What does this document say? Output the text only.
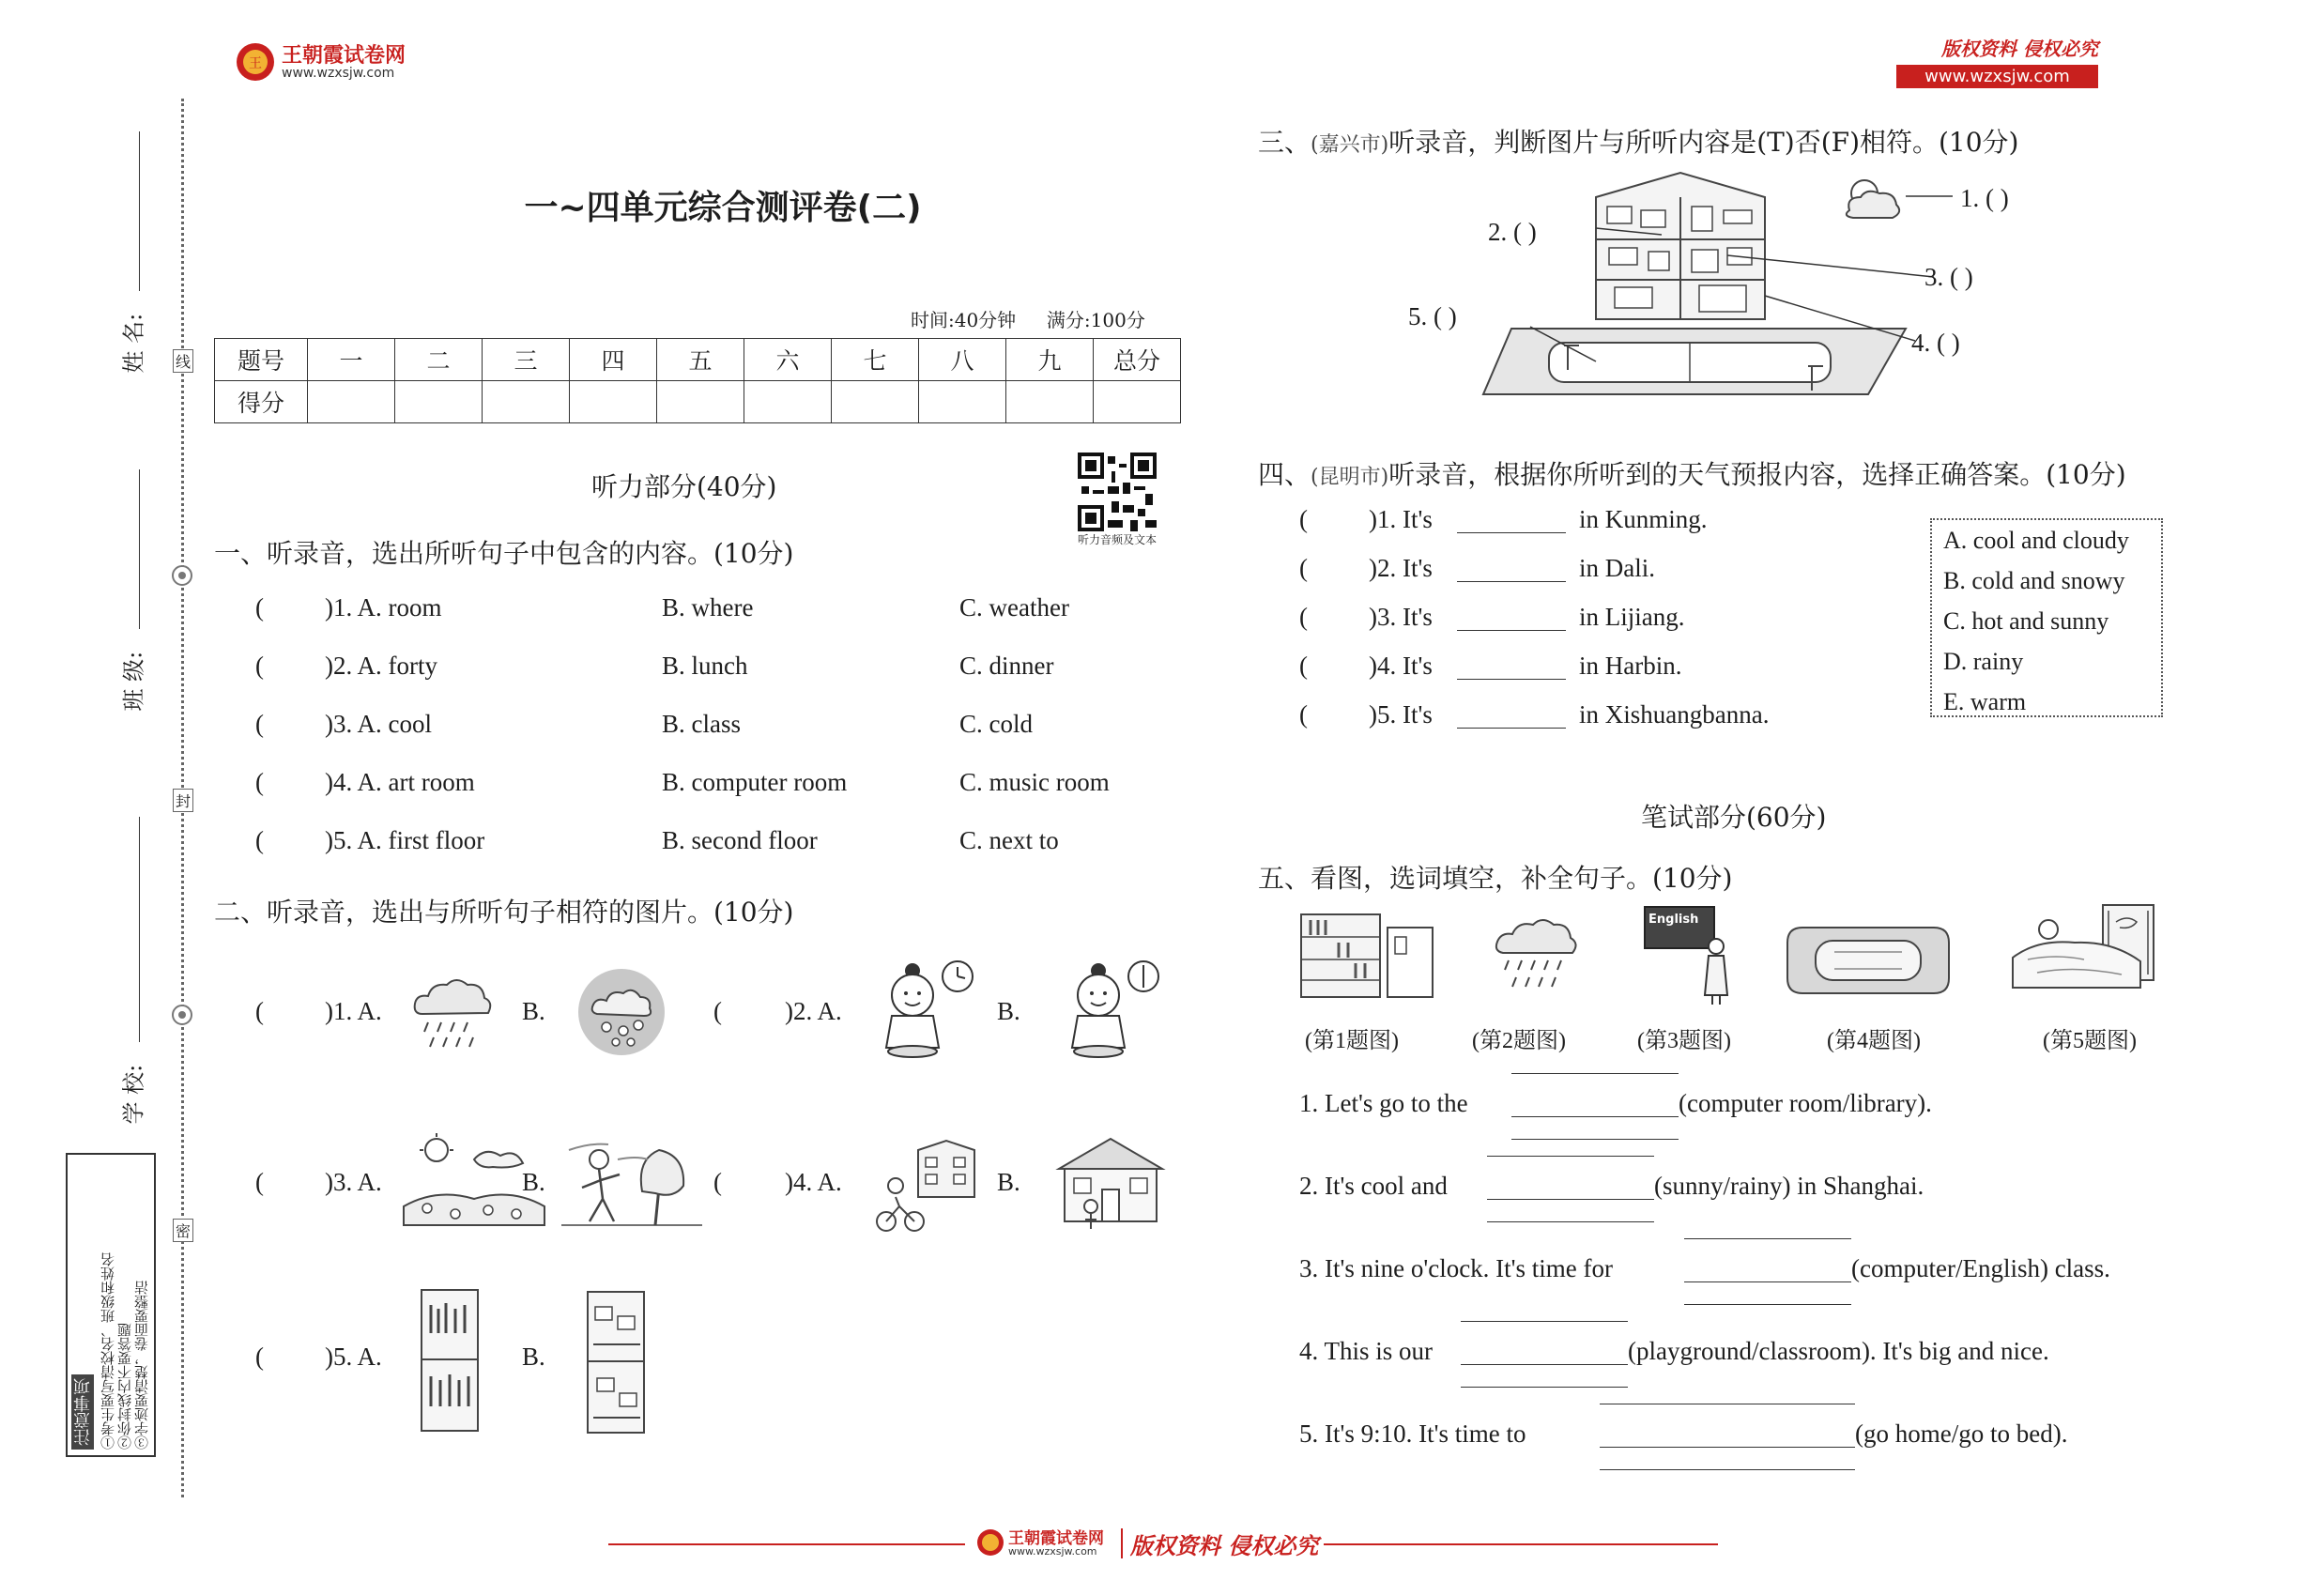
王 王朝霞试卷网
www.wzxsjw.com
版权资料 侵权必究
www.wzxsjw.com
线
封
密
姓 名:
班 级:
学 校:
注意事项 ①考生要写清校名、班级和姓名 ②你封线内不要答题 ③字迹要清楚，卷面要整洁
一~四单元综合测评卷(二)
时间:40分钟 满分:100分
题号	一	二	三	四	五	六	七	八	九	总分
得分										
听力部分(40分)
听力音频及文本
一、听录音，选出所听句子中包含的内容。(10分)
( )1. A. room	B. where	C. weather
( )2. A. forty	B. lunch	C. dinner
( )3. A. cool	B. class	C. cold
( )4. A. art room	B. computer room	C. music room
( )5. A. first floor	B. second floor	C. next to
二、听录音，选出与所听句子相符的图片。(10分)
( )1. A.	B.	( )2. A.	B.
( )3. A.	B.	( )4. A.	B.
( )5. A.	B.
三、(嘉兴市)听录音，判断图片与所听内容是(T)否(F)相符。(10分)
1. ( )
2. ( )
3. ( )
4. ( )
5. ( )
四、(昆明市)听录音，根据你所听到的天气预报内容，选择正确答案。(10分)
( )1. It's	in Kunming.
( )2. It's	in Dali.
( )3. It's	in Lijiang.
( )4. It's	in Harbin.
( )5. It's	in Xishuangbanna.
A. cool and cloudy
B. cold and snowy
C. hot and sunny
D. rainy
E. warm
笔试部分(60分)
五、看图，选词填空，补全句子。(10分)
English
(第1题图)	(第2题图)	(第3题图)	(第4题图)	(第5题图)
1. Let's go to the	(computer room/library).
2. It's cool and	(sunny/rainy) in Shanghai.
3. It's nine o'clock. It's time for	(computer/English) class.
4. This is our	(playground/classroom). It's big and nice.
5. It's 9:10. It's time to	(go home/go to bed).
王朝霞试卷网
www.wzxsjw.com 版权资料 侵权必究
